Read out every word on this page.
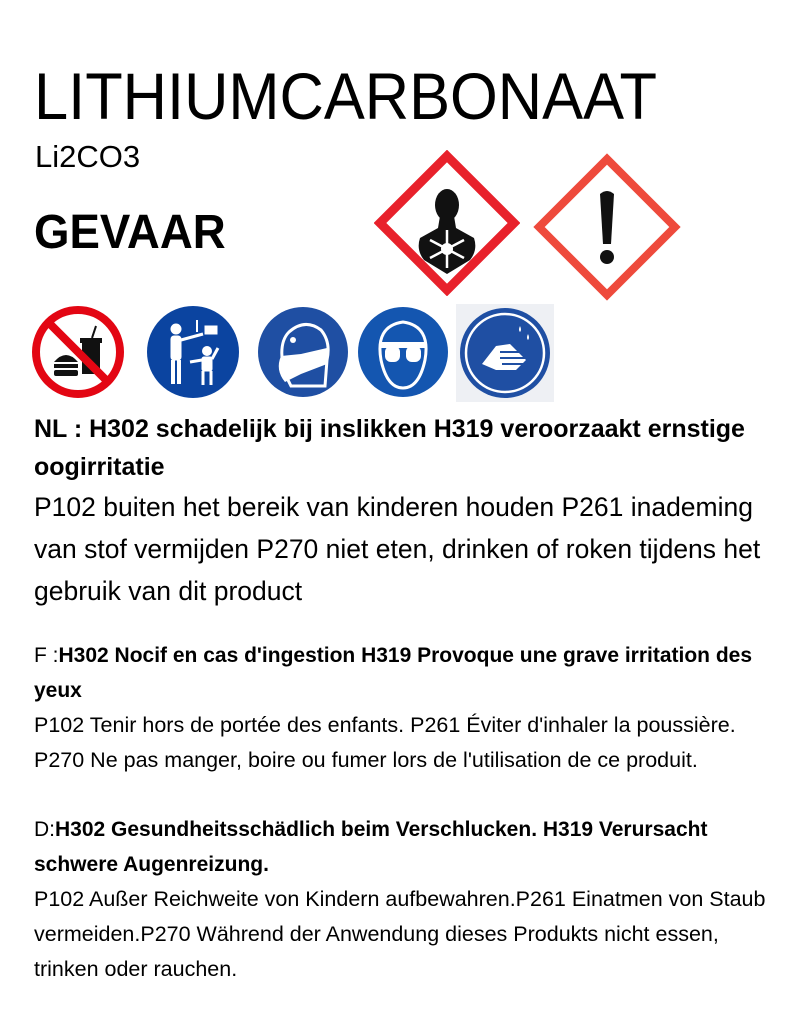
LITHIUMCARBONAAT
Li2CO3
GEVAAR
NL : H302 schadelijk bij inslikken H319 veroorzaakt ernstige oogirritatie
P102 buiten het bereik van kinderen houden P261 inademing van stof vermijden P270 niet eten, drinken of roken tijdens het gebruik van dit product
F :H302 Nocif en cas d'ingestion H319 Provoque une grave irritation des yeux
P102 Tenir hors de portée des enfants. P261 Éviter d'inhaler la poussière. P270 Ne pas manger, boire ou fumer lors de l'utilisation de ce produit.
D:H302 Gesundheitsschädlich beim Verschlucken. H319 Verursacht schwere Augenreizung.
P102 Außer Reichweite von Kindern aufbewahren.P261 Einatmen von Staub vermeiden.P270 Während der Anwendung dieses Produkts nicht essen, trinken oder rauchen.
